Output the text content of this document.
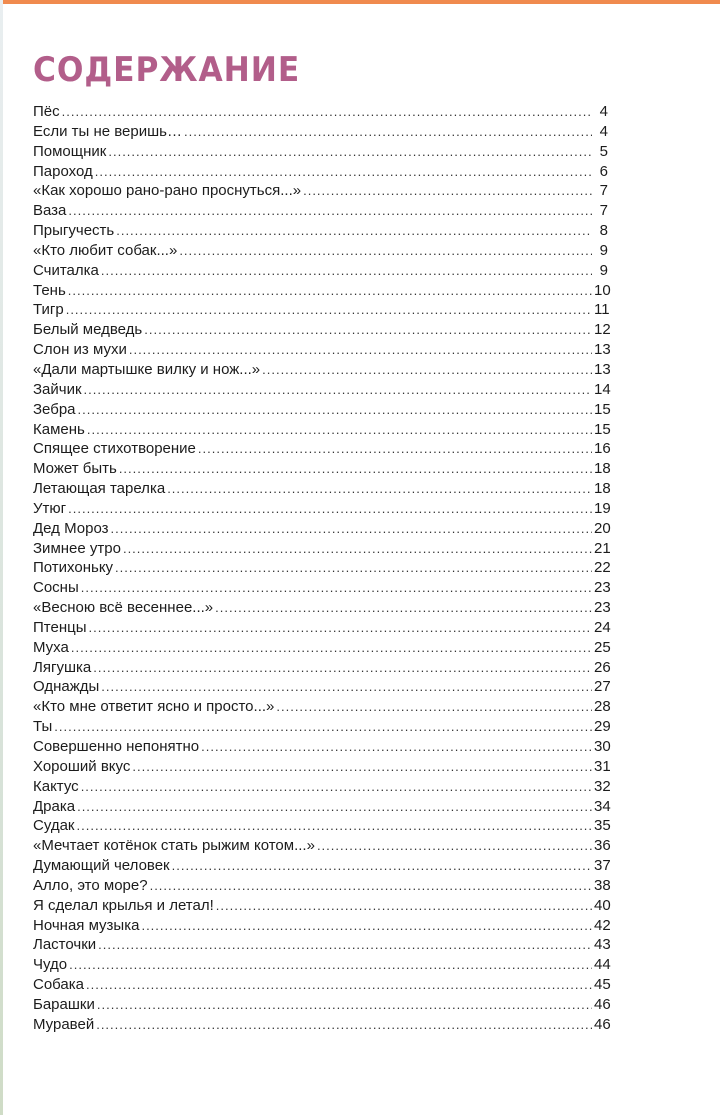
СОДЕРЖАНИЕ
Пёс .....	4
Если ты не веришь… .....	4
Помощник .....	5
Пароход .....	6
«Как хорошо рано-рано проснуться...» .....	7
Ваза .....	7
Прыгучесть .....	8
«Кто любит собак...» .....	9
Считалка .....	9
Тень .....	10
Тигр .....	11
Белый медведь .....	12
Слон из мухи .....	13
«Дали мартышке вилку и нож...» .....	13
Зайчик .....	14
Зебра .....	15
Камень .....	15
Спящее стихотворение .....	16
Может быть .....	18
Летающая тарелка .....	18
Утюг .....	19
Дед Мороз .....	20
Зимнее утро .....	21
Потихоньку .....	22
Сосны .....	23
«Весною всё весеннее...» .....	23
Птенцы .....	24
Муха .....	25
Лягушка .....	26
Однажды .....	27
«Кто мне ответит ясно и просто...» .....	28
Ты .....	29
Совершенно непонятно .....	30
Хороший вкус .....	31
Кактус .....	32
Драка .....	34
Судак .....	35
«Мечтает котёнок стать рыжим котом...» .....	36
Думающий человек .....	37
Алло, это море? .....	38
Я сделал крылья и летал! .....	40
Ночная музыка .....	42
Ласточки .....	43
Чудо .....	44
Собака .....	45
Барашки .....	46
Муравей .....	46
